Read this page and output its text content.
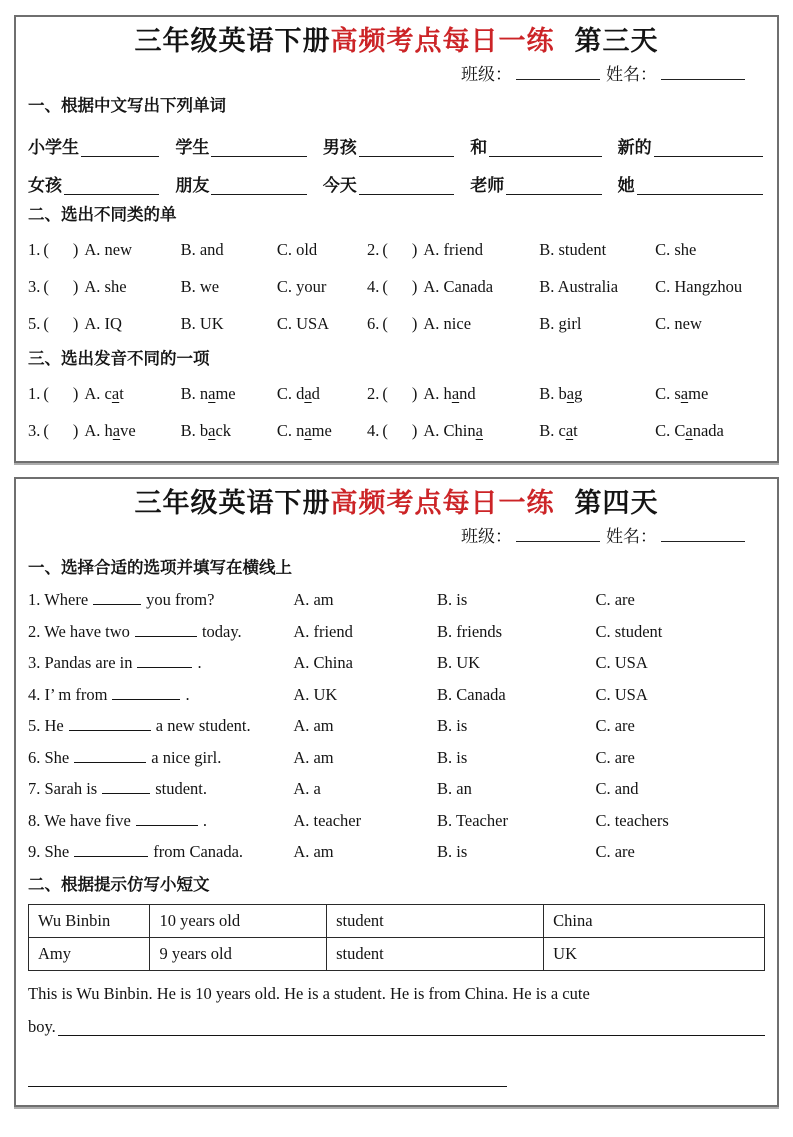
三年级英语下册高频考点每日一练 第三天
班级：	姓名：
一、根据中文写出下列单词
小学生	学生	男孩	和	新的
女孩	朋友	今天	老师	她
二、选出不同类的单
1. ( ) A. new	B. and	C. old	2. ( ) A. friend	B. student	C. she
3. ( ) A. she	B. we	C. your	4. ( ) A. Canada	B. Australia	C. Hangzhou
5. ( ) A. IQ	B. UK	C. USA	6. ( ) A. nice	B. girl	C. new
三、选出发音不同的一项
1. ( ) A. cat	B. name	C. dad	2. ( ) A. hand	B. bag	C. same
3. ( ) A. have	B. back	C. name	4. ( ) A. China	B. cat	C. Canada
三年级英语下册高频考点每日一练 第四天
班级：	姓名：
一、选择合适的选项并填写在横线上
1. Where	you from?	A. am	B. is	C. are
2. We have two	today.	A. friend	B. friends	C. student
3. Pandas are in	.	A. China	B. UK	C. USA
4. I’ m from	.	A. UK	B. Canada	C. USA
5. He	a new student.	A. am	B. is	C. are
6. She	a nice girl.	A. am	B. is	C. are
7. Sarah is	student.	A. a	B. an	C. and
8. We have five	.	A. teacher	B. Teacher	C. teachers
9. She	from Canada.	A. am	B. is	C. are
二、根据提示仿写小短文
Wu Binbin	10 years old	student	China
Amy	9 years old	student	UK
This is Wu Binbin. He is 10 years old. He is a student. He is from China. He is a cute
boy.
